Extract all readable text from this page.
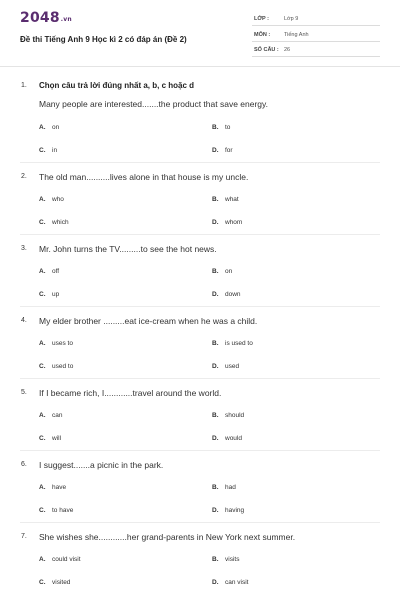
2048.vn
Đề thi Tiếng Anh 9 Học kì 2 có đáp án (Đề 2)
LỚP :	Lớp 9
MÔN :	Tiếng Anh
SỐ CÂU : 26
1. Chọn câu trả lời đúng nhất a, b, c hoặc d
Many people are interested.......the product that save energy.
A. on	B. to
C. in	D. for
2. The old man..........lives alone in that house is my uncle.
A. who	B. what
C. which	D. whom
3. Mr. John turns the TV.........to see the hot news.
A. off	B. on
C. up	D. down
4. My elder brother .........eat ice-cream when he was a child.
A. uses to	B. is used to
C. used to	D. used
5. If I became rich, I............travel around the world.
A. can	B. should
C. will	D. would
6. I suggest.......a picnic in the park.
A. have	B. had
C. to have	D. having
7. She wishes she............her grand-parents in New York next summer.
A. could visit	B. visits
C. visited	D. can visit
